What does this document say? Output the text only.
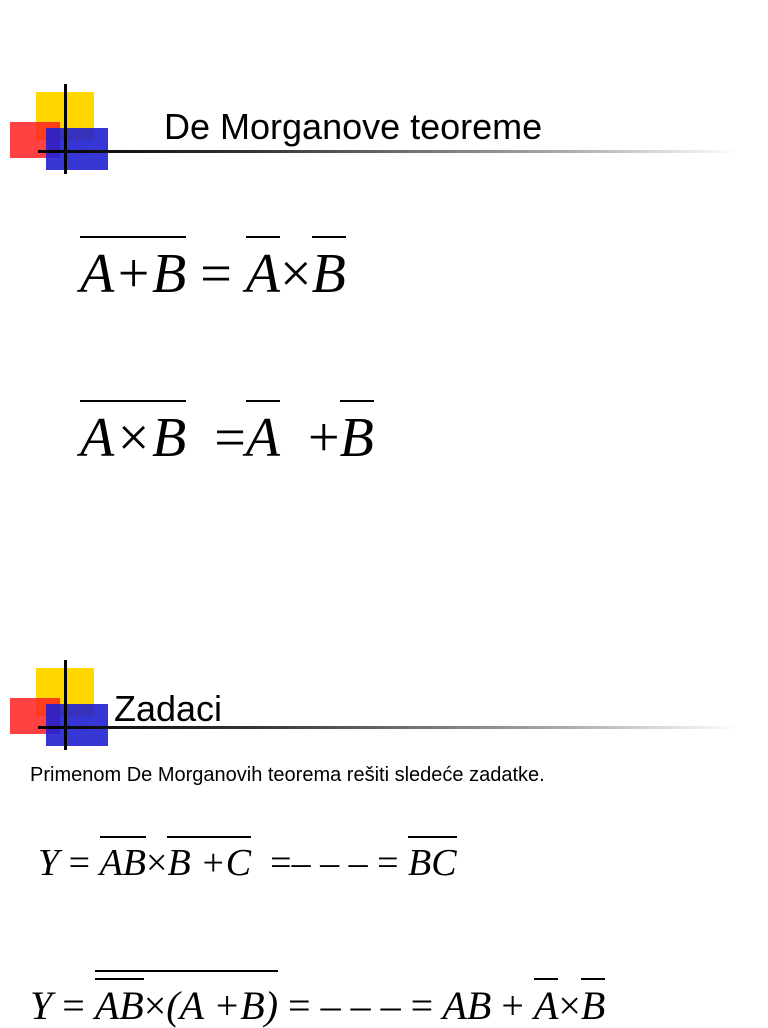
De Morganove teoreme
A+B = A×B
A×B =A +B
Zadaci
Primenom De Morganovih teorema rešiti sledeće zadatke.
Y = AB×B +C =– – – = BC
Y = AB×(A +B) = – – – = AB + A×B
